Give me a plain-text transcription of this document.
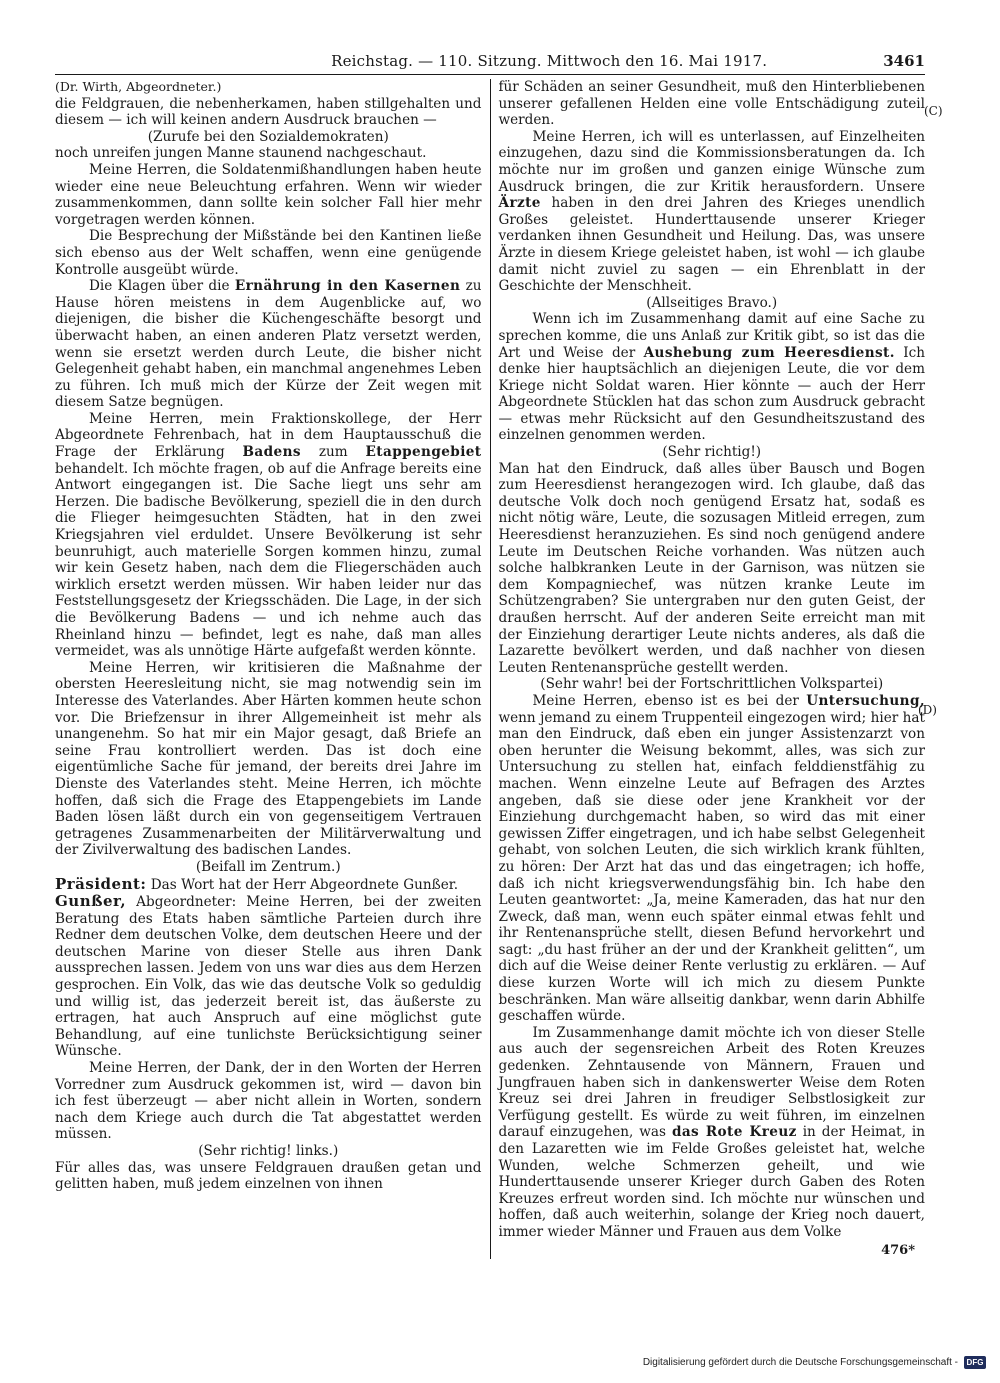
Reichstag. — 110. Sitzung. Mittwoch den 16. Mai 1917.	3461

(Dr. Wirth, Abgeordneter.)

die Feldgrauen, die nebenherkamen, haben stillgehalten und diesem — ich will keinen andern Ausdruck brauchen —

(Zurufe bei den Sozialdemokraten)

noch unreifen jungen Manne staunend nachgeschaut.

Meine Herren, die Soldatenmißhandlungen haben heute wieder eine neue Beleuchtung erfahren. Wenn wir wieder zusammenkommen, dann sollte kein solcher Fall hier mehr vorgetragen werden können.

Die Besprechung der Mißstände bei den Kantinen ließe sich ebenso aus der Welt schaffen, wenn eine genügende Kontrolle ausgeübt würde.

Die Klagen über die Ernährung in den Kasernen zu Hause hören meistens in dem Augenblicke auf, wo diejenigen, die bisher die Küchengeschäfte besorgt und überwacht haben, an einen anderen Platz versetzt werden, wenn sie ersetzt werden durch Leute, die bisher nicht Gelegenheit gehabt haben, ein manchmal angenehmes Leben zu führen. Ich muß mich der Kürze der Zeit wegen mit diesem Satze begnügen.

Meine Herren, mein Fraktionskollege, der Herr Abgeordnete Fehrenbach, hat in dem Hauptausschuß die Frage der Erklärung Badens zum Etappengebiet behandelt. Ich möchte fragen, ob auf die Anfrage bereits eine Antwort eingegangen ist. Die Sache liegt uns sehr am Herzen. Die badische Bevölkerung, speziell die in den durch die Flieger heimgesuchten Städten, hat in den zwei Kriegsjahren viel erduldet. Unsere Bevölkerung ist sehr beunruhigt, auch materielle Sorgen kommen hinzu, zumal wir kein Gesetz haben, nach dem die Fliegerschäden auch wirklich ersetzt werden müssen. Wir haben leider nur das Feststellungsgesetz der Kriegsschäden. Die Lage, in der sich die Bevölkerung Badens — und ich nehme auch das Rheinland hinzu — befindet, legt es nahe, daß man alles vermeidet, was als unnötige Härte aufgefaßt werden könnte.

Meine Herren, wir kritisieren die Maßnahme der obersten Heeresleitung nicht, sie mag notwendig sein im Interesse des Vaterlandes. Aber Härten kommen heute schon vor. Die Briefzensur in ihrer Allgemeinheit ist mehr als unangenehm. So hat mir ein Major gesagt, daß Briefe an seine Frau kontrolliert werden. Das ist doch eine eigentümliche Sache für jemand, der bereits drei Jahre im Dienste des Vaterlandes steht. Meine Herren, ich möchte hoffen, daß sich die Frage des Etappengebiets im Lande Baden lösen läßt durch ein von gegenseitigem Vertrauen getragenes Zusammenarbeiten der Militärverwaltung und der Zivilverwaltung des badischen Landes.

(Beifall im Zentrum.)

Präsident: Das Wort hat der Herr Abgeordnete Gunßer.

Gunßer, Abgeordneter: Meine Herren, bei der zweiten Beratung des Etats haben sämtliche Parteien durch ihre Redner dem deutschen Volke, dem deutschen Heere und der deutschen Marine von dieser Stelle aus ihren Dank aussprechen lassen. Jedem von uns war dies aus dem Herzen gesprochen. Ein Volk, das wie das deutsche Volk so geduldig und willig ist, das jederzeit bereit ist, das äußerste zu ertragen, hat auch Anspruch auf eine möglichst gute Behandlung, auf eine tunlichste Berücksichtigung seiner Wünsche.

Meine Herren, der Dank, der in den Worten der Herren Vorredner zum Ausdruck gekommen ist, wird — davon bin ich fest überzeugt — aber nicht allein in Worten, sondern nach dem Kriege auch durch die Tat abgestattet werden müssen.

(Sehr richtig! links.)

Für alles das, was unsere Feldgrauen draußen getan und gelitten haben, muß jedem einzelnen von ihnen

für Schäden an seiner Gesundheit, muß den Hinterbliebenen unserer gefallenen Helden eine volle Entschädigung zuteil werden.

Meine Herren, ich will es unterlassen, auf Einzelheiten einzugehen, dazu sind die Kommissionsberatungen da. Ich möchte nur im großen und ganzen einige Wünsche zum Ausdruck bringen, die zur Kritik herausfordern. Unsere Ärzte haben in den drei Jahren des Krieges unendlich Großes geleistet. Hunderttausende unserer Krieger verdanken ihnen Gesundheit und Heilung. Das, was unsere Ärzte in diesem Kriege geleistet haben, ist wohl — ich glaube damit nicht zuviel zu sagen — ein Ehrenblatt in der Geschichte der Menschheit.

(Allseitiges Bravo.)

Wenn ich im Zusammenhang damit auf eine Sache zu sprechen komme, die uns Anlaß zur Kritik gibt, so ist das die Art und Weise der Aushebung zum Heeresdienst. Ich denke hier hauptsächlich an diejenigen Leute, die vor dem Kriege nicht Soldat waren. Hier könnte — auch der Herr Abgeordnete Stücklen hat das schon zum Ausdruck gebracht — etwas mehr Rücksicht auf den Gesundheitszustand des einzelnen genommen werden.

(Sehr richtig!)

Man hat den Eindruck, daß alles über Bausch und Bogen zum Heeresdienst herangezogen wird. Ich glaube, daß das deutsche Volk doch noch genügend Ersatz hat, sodaß es nicht nötig wäre, Leute, die sozusagen Mitleid erregen, zum Heeresdienst heranzuziehen. Es sind noch genügend andere Leute im Deutschen Reiche vorhanden. Was nützen auch solche halbkranken Leute in der Garnison, was nützen sie dem Kompagniechef, was nützen kranke Leute im Schützengraben? Sie untergraben nur den guten Geist, der draußen herrscht. Auf der anderen Seite erreicht man mit der Einziehung derartiger Leute nichts anderes, als daß die Lazarette bevölkert werden, und daß nachher von diesen Leuten Rentenansprüche gestellt werden.

(Sehr wahr! bei der Fortschrittlichen Volkspartei)

Meine Herren, ebenso ist es bei der Untersuchung, wenn jemand zu einem Truppenteil eingezogen wird; hier hat man den Eindruck, daß eben ein junger Assistenzarzt von oben herunter die Weisung bekommt, alles, was sich zur Untersuchung zu stellen hat, einfach felddienstfähig zu machen. Wenn einzelne Leute auf Befragen des Arztes angeben, daß sie diese oder jene Krankheit vor der Einziehung durchgemacht haben, so wird das mit einer gewissen Ziffer eingetragen, und ich habe selbst Gelegenheit gehabt, von solchen Leuten, die sich wirklich krank fühlten, zu hören: Der Arzt hat das und das eingetragen; ich hoffe, daß ich nicht kriegsverwendungsfähig bin. Ich habe den Leuten geantwortet: „Ja, meine Kameraden, das hat nur den Zweck, daß man, wenn euch später einmal etwas fehlt und ihr Rentenansprüche stellt, diesen Befund hervorkehrt und sagt: „du hast früher an der und der Krankheit gelitten“, um dich auf die Weise deiner Rente verlustig zu erklären. — Auf diese kurzen Worte will ich mich zu diesem Punkte beschränken. Man wäre allseitig dankbar, wenn darin Abhilfe geschaffen würde.

Im Zusammenhange damit möchte ich von dieser Stelle aus auch der segensreichen Arbeit des Roten Kreuzes gedenken. Zehntausende von Männern, Frauen und Jungfrauen haben sich in dankenswerter Weise dem Roten Kreuz sei drei Jahren in freudiger Selbstlosigkeit zur Verfügung gestellt. Es würde zu weit führen, im einzelnen darauf einzugehen, was das Rote Kreuz in der Heimat, in den Lazaretten wie im Felde Großes geleistet hat, welche Wunden, welche Schmerzen geheilt, und wie Hunderttausende unserer Krieger durch Gaben des Roten Kreuzes erfreut worden sind. Ich möchte nur wünschen und hoffen, daß auch weiterhin, solange der Krieg noch dauert, immer wieder Männer und Frauen aus dem Volke

476*
(C)
(D)
Digitalisierung gefördert durch die Deutsche Forschungsgemeinschaft -	DFG
